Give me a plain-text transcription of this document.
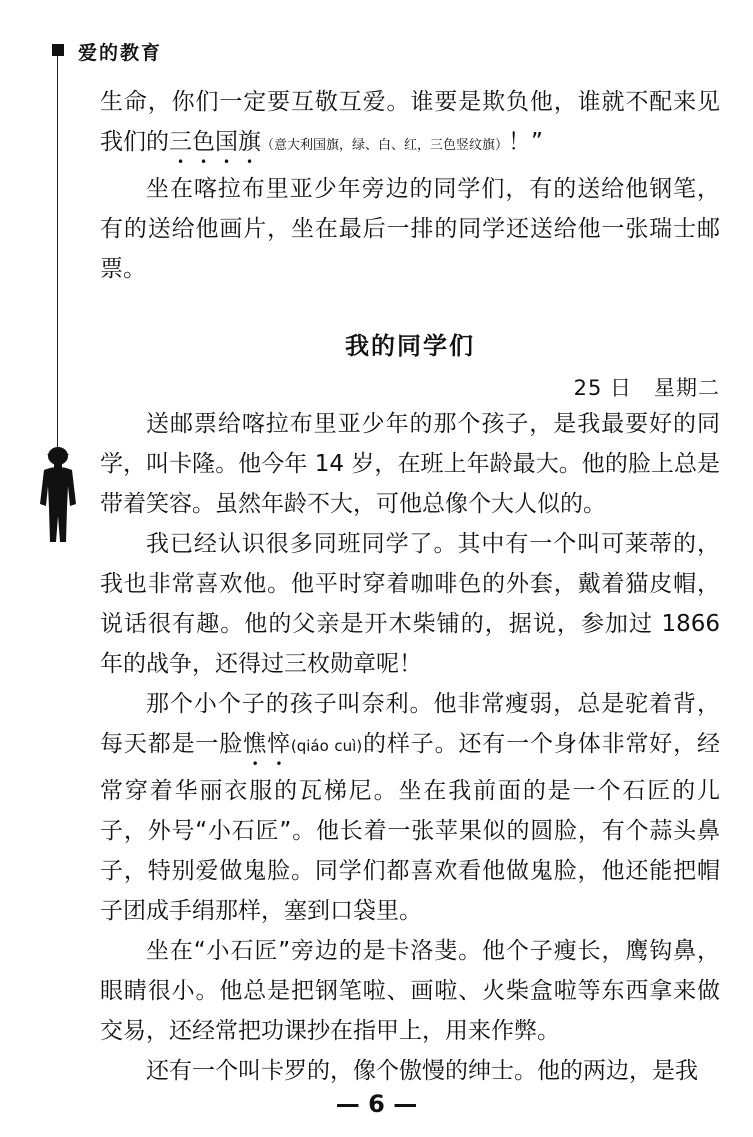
爱的教育

生命，你们一定要互敬互爱。谁要是欺负他，谁就不配来见我们的三色国旗（意大利国旗，绿、白、红，三色竖纹旗）！”

坐在喀拉布里亚少年旁边的同学们，有的送给他钢笔，有的送给他画片，坐在最后一排的同学还送给他一张瑞士邮票。

我的同学们
25 日　星期二

送邮票给喀拉布里亚少年的那个孩子，是我最要好的同学，叫卡隆。他今年 14 岁，在班上年龄最大。他的脸上总是带着笑容。虽然年龄不大，可他总像个大人似的。

我已经认识很多同班同学了。其中有一个叫可莱蒂的，我也非常喜欢他。他平时穿着咖啡色的外套，戴着猫皮帽，说话很有趣。他的父亲是开木柴铺的，据说，参加过 1866 年的战争，还得过三枚勋章呢！

那个小个子的孩子叫奈利。他非常瘦弱，总是驼着背，每天都是一脸憔悴(qiáo cuì)的样子。还有一个身体非常好，经常穿着华丽衣服的瓦梯尼。坐在我前面的是一个石匠的儿子，外号“小石匠”。他长着一张苹果似的圆脸，有个蒜头鼻子，特别爱做鬼脸。同学们都喜欢看他做鬼脸，他还能把帽子团成手绢那样，塞到口袋里。

坐在“小石匠”旁边的是卡洛斐。他个子瘦长，鹰钩鼻，眼睛很小。他总是把钢笔啦、画啦、火柴盒啦等东西拿来做交易，还经常把功课抄在指甲上，用来作弊。

还有一个叫卡罗的，像个傲慢的绅士。他的两边，是我

— 6 —
